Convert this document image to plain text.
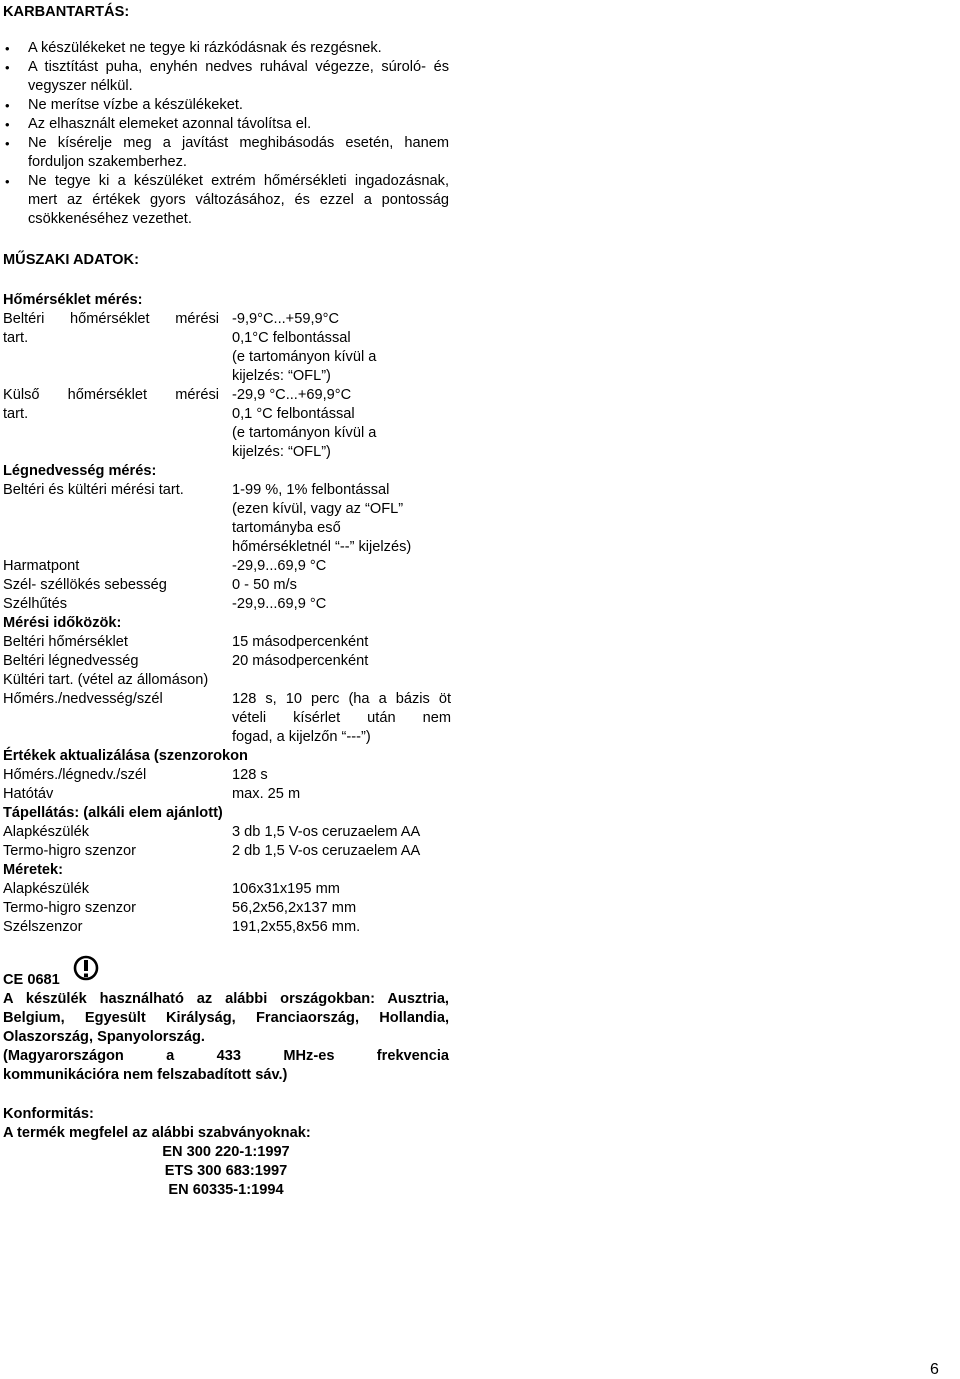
KARBANTARTÁS:
• A készülékeket ne tegye ki rázkódásnak és rezgésnek.
• A tisztítást puha, enyhén nedves ruhával végezze, súroló- és vegyszer nélkül.
• Ne merítse vízbe a készülékeket.
• Az elhasznált elemeket azonnal távolítsa el.
• Ne kísérelje meg a javítást meghibásodás esetén, hanem forduljon szakemberhez.
• Ne tegye ki a készüléket extrém hőmérsékleti ingadozásnak, mert az értékek gyors változásához, és ezzel a pontosság csökkenéséhez vezethet.
MŰSZAKI ADATOK:
Hőmérséklet mérés:
Beltéri hőmérséklet mérési -9,9°C...+59,9°C
tart.	0,1°C felbontással
(e tartományon kívül a
kijelzés: “OFL”)
Külső hőmérséklet mérési -29,9 °C...+69,9°C
tart.	0,1 °C felbontással
(e tartományon kívül a
kijelzés: “OFL”)
Légnedvesség mérés:
Beltéri és kültéri mérési tart.	1-99 %, 1% felbontással
(ezen kívül, vagy az “OFL”
tartományba eső
hőmérsékletnél “--” kijelzés)
Harmatpont	-29,9...69,9 °C
Szél- széllökés sebesség	0 - 50 m/s
Szélhűtés	-29,9...69,9 °C
Mérési időközök:
Beltéri hőmérséklet	15 másodpercenként
Beltéri légnedvesség	20 másodpercenként
Kültéri tart. (vétel az állomáson)
Hőmérs./nedvesség/szél	128 s, 10 perc (ha a bázis öt
vételi kísérlet után nem
fogad, a kijelzőn “---”)
Értékek aktualizálása (szenzorokon
Hőmérs./légnedv./szél	128 s
Hatótáv	max. 25 m
Tápellátás: (alkáli elem ajánlott)
Alapkészülék	3 db 1,5 V-os ceruzaelem AA
Termo-higro szenzor	2 db 1,5 V-os ceruzaelem AA
Méretek:
Alapkészülék	106x31x195 mm
Termo-higro szenzor	56,2x56,2x137 mm
Szélszenzor	191,2x55,8x56 mm.
CE 0681
A készülék használható az alábbi országokban: Ausztria,
Belgium, Egyesült Királyság, Franciaország, Hollandia,
Olaszország, Spanyolország.
(Magyarországon a 433 MHz-es frekvencia
kommunikációra nem felszabadított sáv.)
Konformitás:
A termék megfelel az alábbi szabványoknak:
EN 300 220-1:1997
ETS 300 683:1997
EN 60335-1:1994
6
